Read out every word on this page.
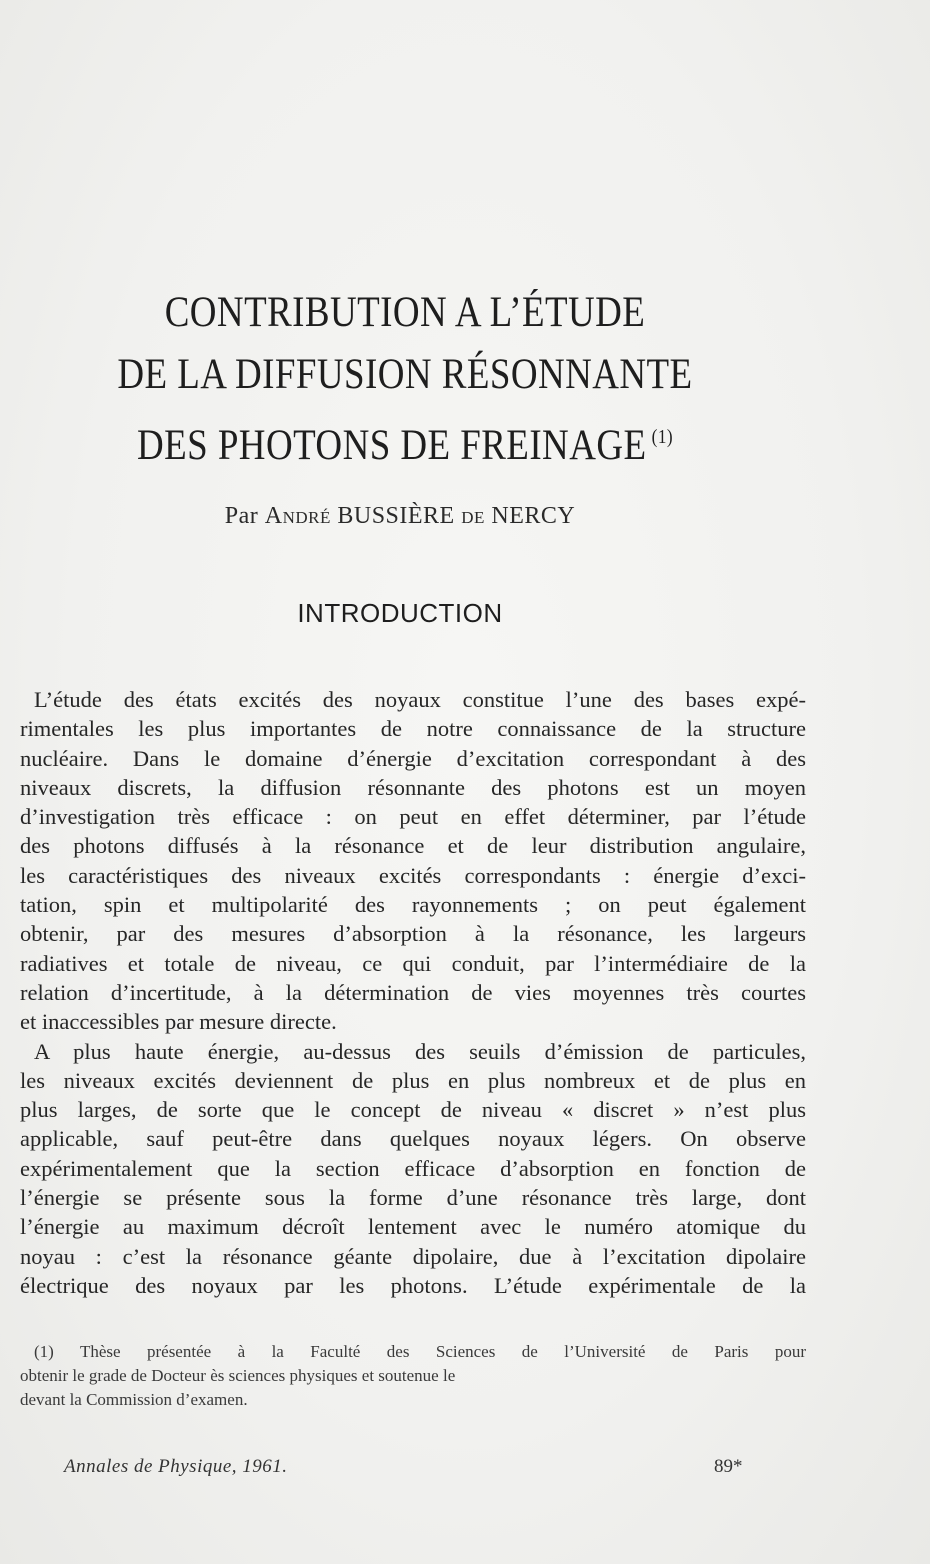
CONTRIBUTION A L’ÉTUDE
DE LA DIFFUSION RÉSONNANTE
DES PHOTONS DE FREINAGE $^{(1)}$
Par André BUSSIÈRE de NERCY
INTRODUCTION
L’étude des états excités des noyaux constitue l’une des bases expé-
rimentales les plus importantes de notre connaissance de la structure
nucléaire. Dans le domaine d’énergie d’excitation correspondant à des
niveaux discrets, la diffusion résonnante des photons est un moyen
d’investigation très efficace : on peut en effet déterminer, par l’étude
des photons diffusés à la résonance et de leur distribution angulaire,
les caractéristiques des niveaux excités correspondants : énergie d’exci-
tation, spin et multipolarité des rayonnements ; on peut également
obtenir, par des mesures d’absorption à la résonance, les largeurs
radiatives et totale de niveau, ce qui conduit, par l’intermédiaire de la
relation d’incertitude, à la détermination de vies moyennes très courtes
et inaccessibles par mesure directe.
A plus haute énergie, au-dessus des seuils d’émission de particules,
les niveaux excités deviennent de plus en plus nombreux et de plus en
plus larges, de sorte que le concept de niveau « discret » n’est plus
applicable, sauf peut-être dans quelques noyaux légers. On observe
expérimentalement que la section efficace d’absorption en fonction de
l’énergie se présente sous la forme d’une résonance très large, dont
l’énergie au maximum décroît lentement avec le numéro atomique du
noyau : c’est la résonance géante dipolaire, due à l’excitation dipolaire
électrique des noyaux par les photons. L’étude expérimentale de la
(1) Thèse présentée à la Faculté des Sciences de l’Université de Paris pour
obtenir le grade de Docteur ès sciences physiques et soutenue le
devant la Commission d’examen.
Annales de Physique, 1961.	89*
